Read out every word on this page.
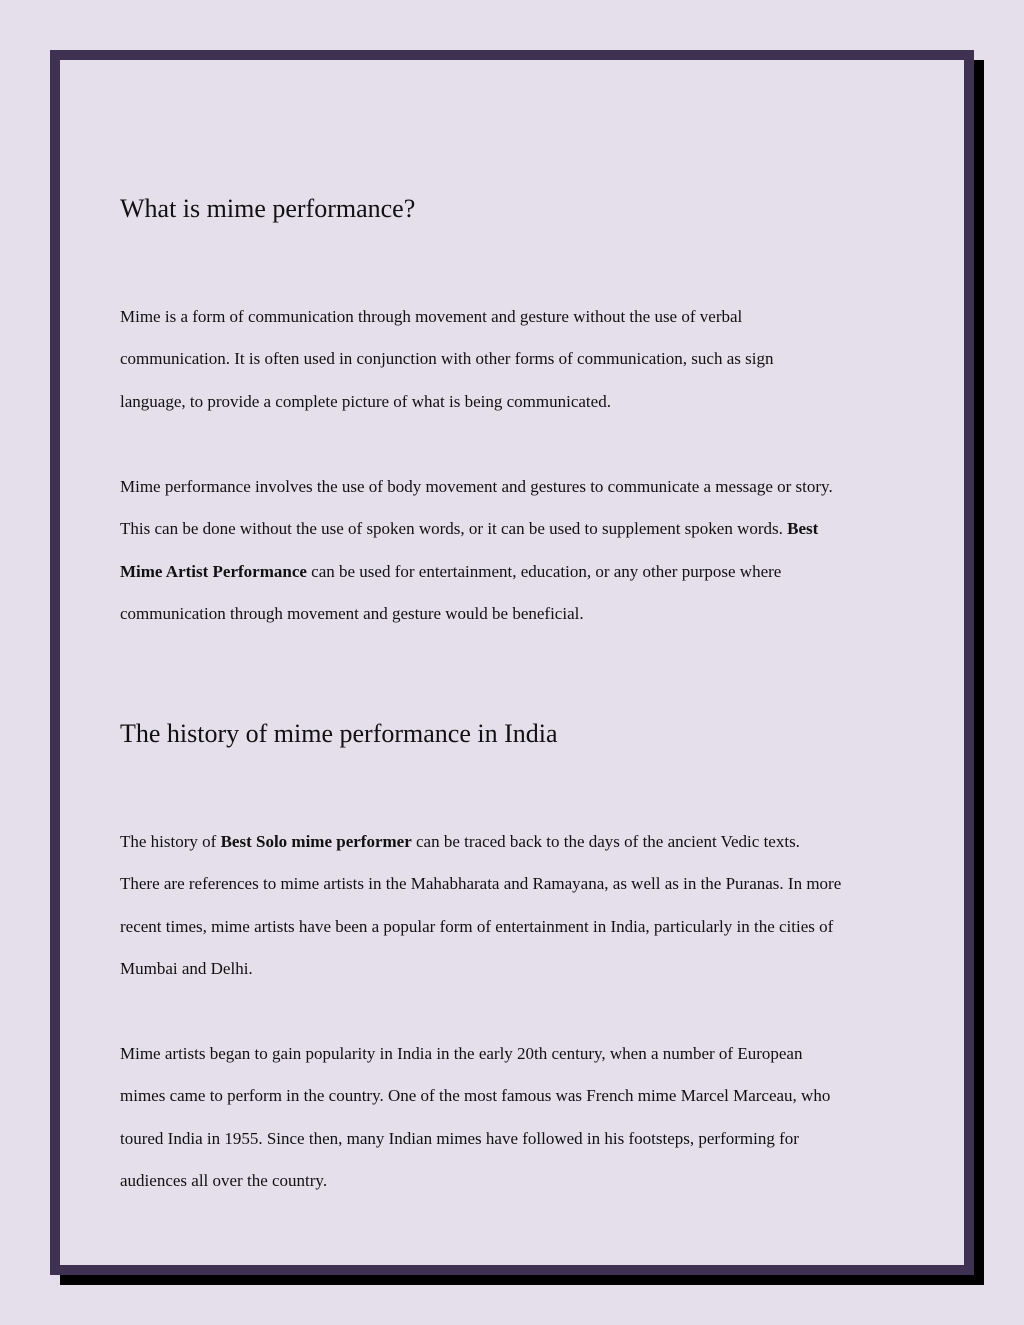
What is mime performance?

Mime is a form of communication through movement and gesture without the use of verbal
communication. It is often used in conjunction with other forms of communication, such as sign
language, to provide a complete picture of what is being communicated.

Mime performance involves the use of body movement and gestures to communicate a message or story.
This can be done without the use of spoken words, or it can be used to supplement spoken words. Best
Mime Artist Performance can be used for entertainment, education, or any other purpose where
communication through movement and gesture would be beneficial.

The history of mime performance in India

The history of Best Solo mime performer can be traced back to the days of the ancient Vedic texts.
There are references to mime artists in the Mahabharata and Ramayana, as well as in the Puranas. In more
recent times, mime artists have been a popular form of entertainment in India, particularly in the cities of
Mumbai and Delhi.

Mime artists began to gain popularity in India in the early 20th century, when a number of European
mimes came to perform in the country. One of the most famous was French mime Marcel Marceau, who
toured India in 1955. Since then, many Indian mimes have followed in his footsteps, performing for
audiences all over the country.
